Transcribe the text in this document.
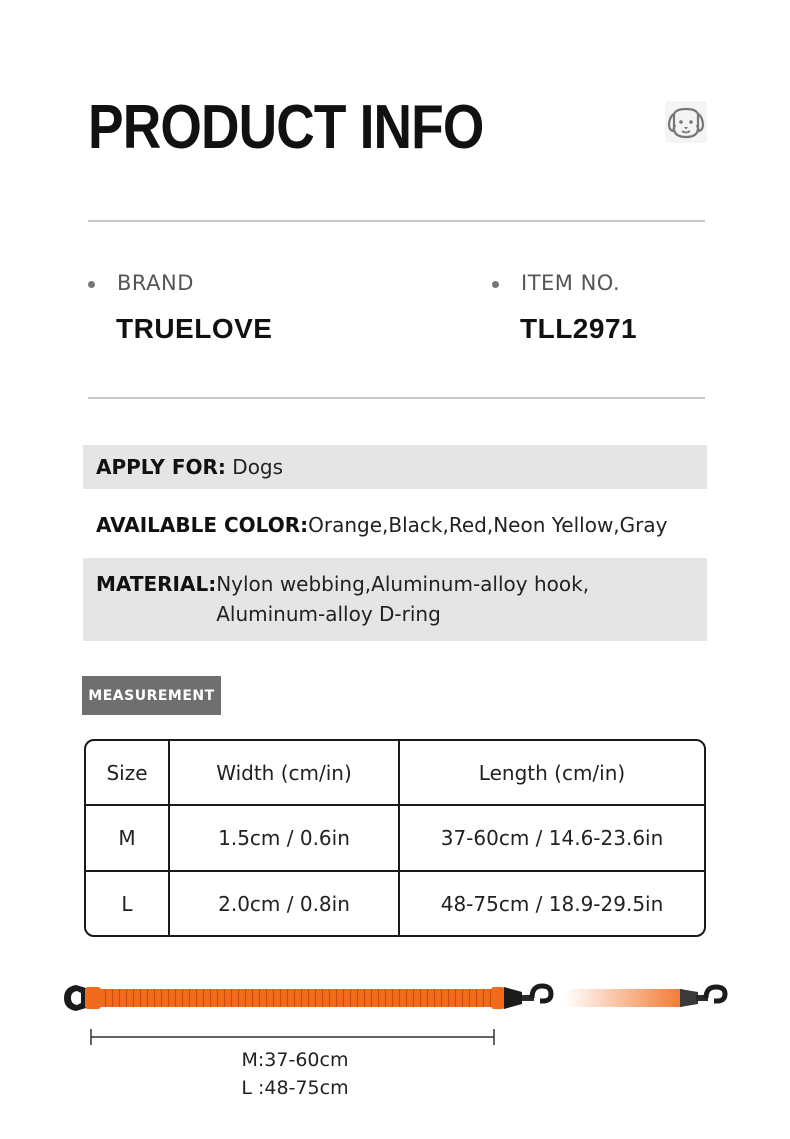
PRODUCT INFO
BRAND
TRUELOVE
ITEM NO.
TLL2971
APPLY FOR: Dogs
AVAILABLE COLOR:Orange,Black,Red,Neon Yellow,Gray
MATERIAL: Nylon webbing,Aluminum-alloy hook,
Aluminum-alloy D-ring
MEASUREMENT
Size	Width (cm/in)	Length (cm/in)
M	1.5cm / 0.6in	37-60cm / 14.6-23.6in
L	2.0cm / 0.8in	48-75cm / 18.9-29.5in
M:37-60cm
L :48-75cm
